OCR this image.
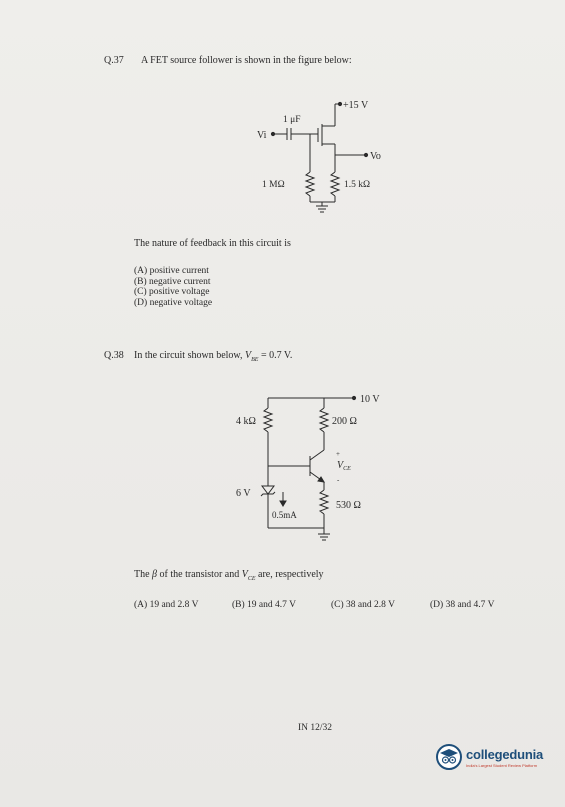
Q.37 A FET source follower is shown in the figure below:
+15 V
1 μF
Vi
Vo
1 MΩ	1.5 kΩ
The nature of feedback in this circuit is
(A) positive current
(B) negative current
(C) positive voltage
(D) negative voltage
Q.38 In the circuit shown below, $V_{BE} = 0.7$ V.
10 V
4 kΩ	200 Ω
+
$V_{CE}$
-
6 V
0.5mA
530 Ω
The β of the transistor and $V_{CE}$ are, respectively
(A) 19 and 2.8 V	(B) 19 and 4.7 V	(C) 38 and 2.8 V	(D) 38 and 4.7 V
IN 12/32
collegedunia
India's Largest Student Review Platform
